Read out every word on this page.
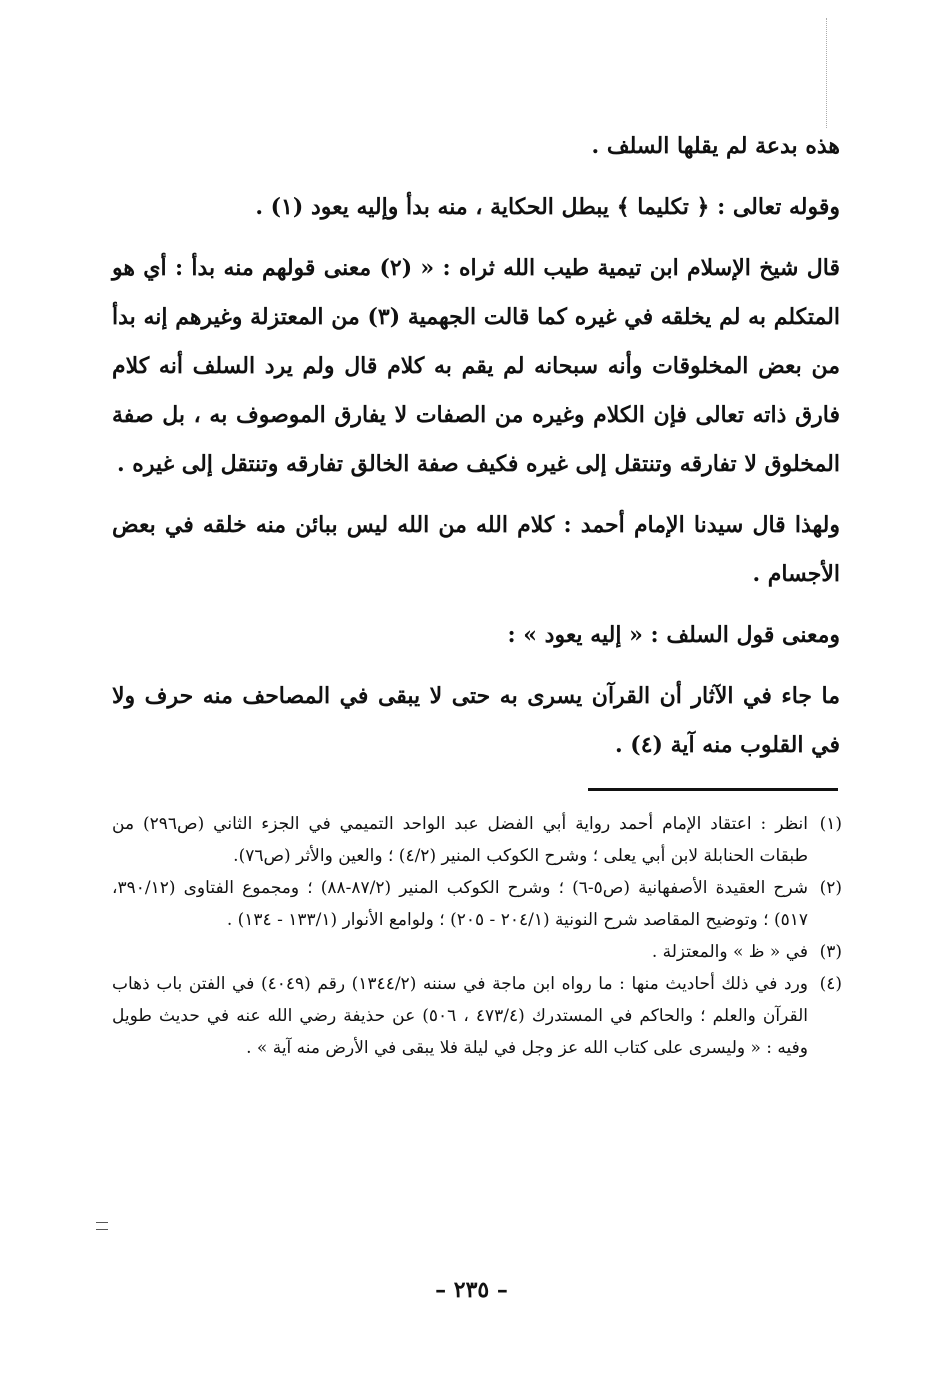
هذه بدعة لم يقلها السلف .

وقوله تعالى : ﴿ تكليما ﴾ يبطل الحكاية ، منه بدأ وإليه يعود (١) .

قال شيخ الإسلام ابن تيمية طيب الله ثراه : « (٢) معنى قولهم منه بدأ : أي هو المتكلم به لم يخلقه في غيره كما قالت الجهمية (٣) من المعتزلة وغيرهم إنه بدأ من بعض المخلوقات وأنه سبحانه لم يقم به كلام قال ولم يرد السلف أنه كلام فارق ذاته تعالى فإن الكلام وغيره من الصفات لا يفارق الموصوف به ، بل صفة المخلوق لا تفارقه وتنتقل إلى غيره فكيف صفة الخالق تفارقه وتنتقل إلى غيره .

ولهذا قال سيدنا الإمام أحمد : كلام الله من الله ليس ببائن منه خلقه في بعض الأجسام .

ومعنى قول السلف : « إليه يعود » :

ما جاء في الآثار أن القرآن يسرى به حتى لا يبقى في المصاحف منه حرف ولا في القلوب منه آية (٤) .

(١)
انظر : اعتقاد الإمام أحمد رواية أبي الفضل عبد الواحد التميمي في الجزء الثاني (ص٢٩٦) من طبقات الحنابلة لابن أبي يعلى ؛ وشرح الكوكب المنير (٤/٢) ؛ والعين والأثر (ص٧٦).
(٢)
شرح العقيدة الأصفهانية (ص٥-٦) ؛ وشرح الكوكب المنير (٨٧/٢-٨٨) ؛ ومجموع الفتاوى (٣٩٠/١٢، ٥١٧) ؛ وتوضيح المقاصد شرح النونية (٢٠٤/١ - ٢٠٥) ؛ ولوامع الأنوار (١٣٣/١ - ١٣٤) .
(٣)
في « ظ » والمعتزلة .
(٤)
ورد في ذلك أحاديث منها : ما رواه ابن ماجة في سننه (١٣٤٤/٢) رقم (٤٠٤٩) في الفتن باب ذهاب القرآن والعلم ؛ والحاكم في المستدرك (٤٧٣/٤ ، ٥٠٦) عن حذيفة رضي الله عنه في حديث طويل وفيه : « وليسرى على كتاب الله عز وجل في ليلة فلا يبقى في الأرض منه آية » .
– ٢٣٥ –
